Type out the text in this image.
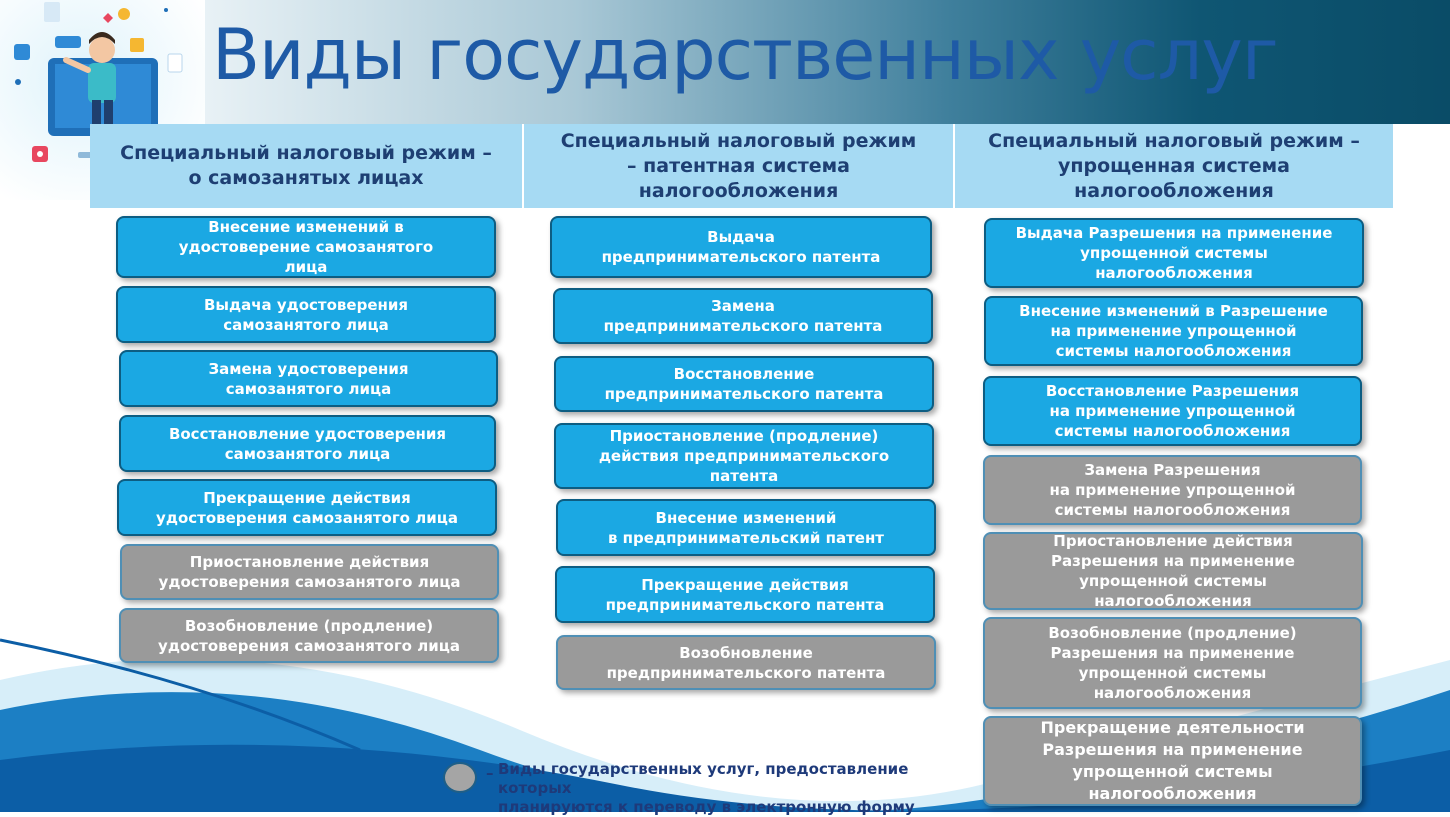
Виды государственных услуг
Специальный налоговый режим –
о самозанятых лицах
Специальный налоговый режим
– патентная система
налогообложения
Специальный налоговый режим –
упрощенная система
налогообложения
Внесение изменений в
удостоверение самозанятого
лица
Выдача удостоверения
самозанятого лица
Замена удостоверения
самозанятого лица
Восстановление удостоверения
самозанятого лица
Прекращение действия
удостоверения самозанятого лица
Приостановление действия
удостоверения самозанятого лица
Возобновление (продление)
удостоверения самозанятого лица
Выдача
предпринимательского патента
Замена
предпринимательского патента
Восстановление
предпринимательского патента
Приостановление (продление)
действия предпринимательского
патента
Внесение изменений
в предпринимательский патент
Прекращение действия
предпринимательского патента
Возобновление
предпринимательского патента
Выдача Разрешения на применение
упрощенной системы
налогообложения
Внесение изменений в Разрешение
на применение упрощенной
системы налогообложения
Восстановление Разрешения
на применение упрощенной
системы налогообложения
Замена Разрешения
на применение упрощенной
системы налогообложения
Приостановление действия
Разрешения на применение
упрощенной системы
налогообложения
Возобновление (продление)
Разрешения на применение
упрощенной системы
налогообложения
Прекращение деятельности
Разрешения на применение
упрощенной системы
налогообложения
– Виды государственных услуг, предоставление которых
планируются к переводу в электронную форму
